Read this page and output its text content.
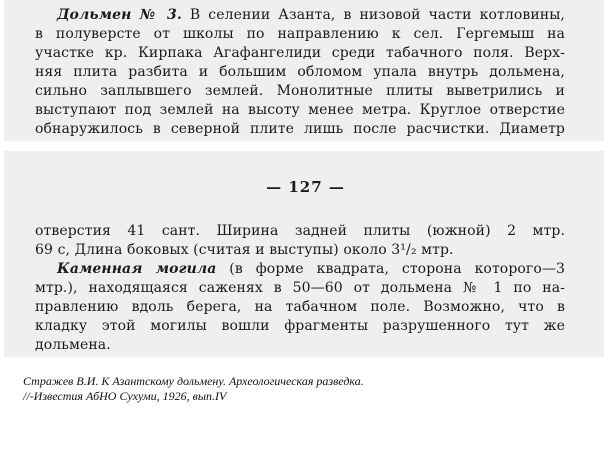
Дольмен № 3. В селении Азанта, в низовой части котловины,
в полуверсте от школы по направлению к сел. Гергемыш на
участке кр. Кирпака Агафангелиди среди табачного поля. Верх-
няя плита разбита и большим обломом упала внутрь дольмена,
сильно заплывшего землей. Монолитные плиты выветрились и
выступают под землей на высоту менее метра. Круглое отверстие
обнаружилось в северной плите лишь после расчистки. Диаметр
— 127 —
отверстия 41 сант. Ширина задней плиты (южной) 2 мтр.
69 с, Длина боковых (считая и выступы) около 3¹/₂ мтр.
Каменная могила (в форме квадрата, сторона которого—3
мтр.), находящаяся саженях в 50—60 от дольмена № 1 по на-
правлению вдоль берега, на табачном поле. Возможно, что в
кладку этой могилы вошли фрагменты разрушенного тут же
дольмена.
Стражев В.И. К Азантскому дольмену. Археологическая разведка.
//-Известия АбНО Сухуми, 1926, вып.IV
